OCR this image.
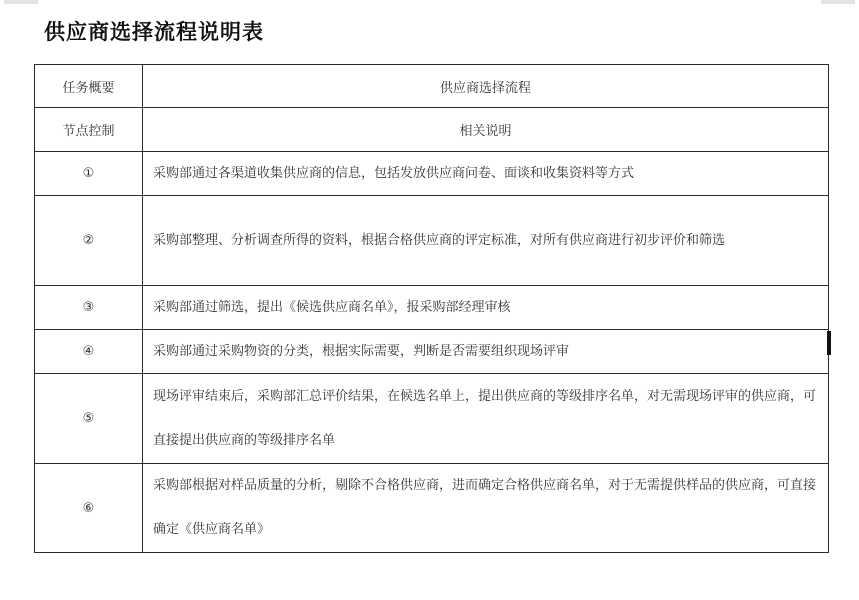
供应商选择流程说明表
任务概要	供应商选择流程
节点控制	相关说明
①	采购部通过各渠道收集供应商的信息，包括发放供应商问卷、面谈和收集资料等方式
②	采购部整理、分析调查所得的资料，根据合格供应商的评定标准，对所有供应商进行初步评价和筛选
③	采购部通过筛选，提出《候选供应商名单》，报采购部经理审核
④	采购部通过采购物资的分类，根据实际需要，判断是否需要组织现场评审
⑤	现场评审结束后，采购部汇总评价结果，在候选名单上，提出供应商的等级排序名单，对无需现场评审的供应商，可直接提出供应商的等级排序名单
⑥	采购部根据对样品质量的分析，剔除不合格供应商，进而确定合格供应商名单，对于无需提供样品的供应商，可直接确定《供应商名单》
